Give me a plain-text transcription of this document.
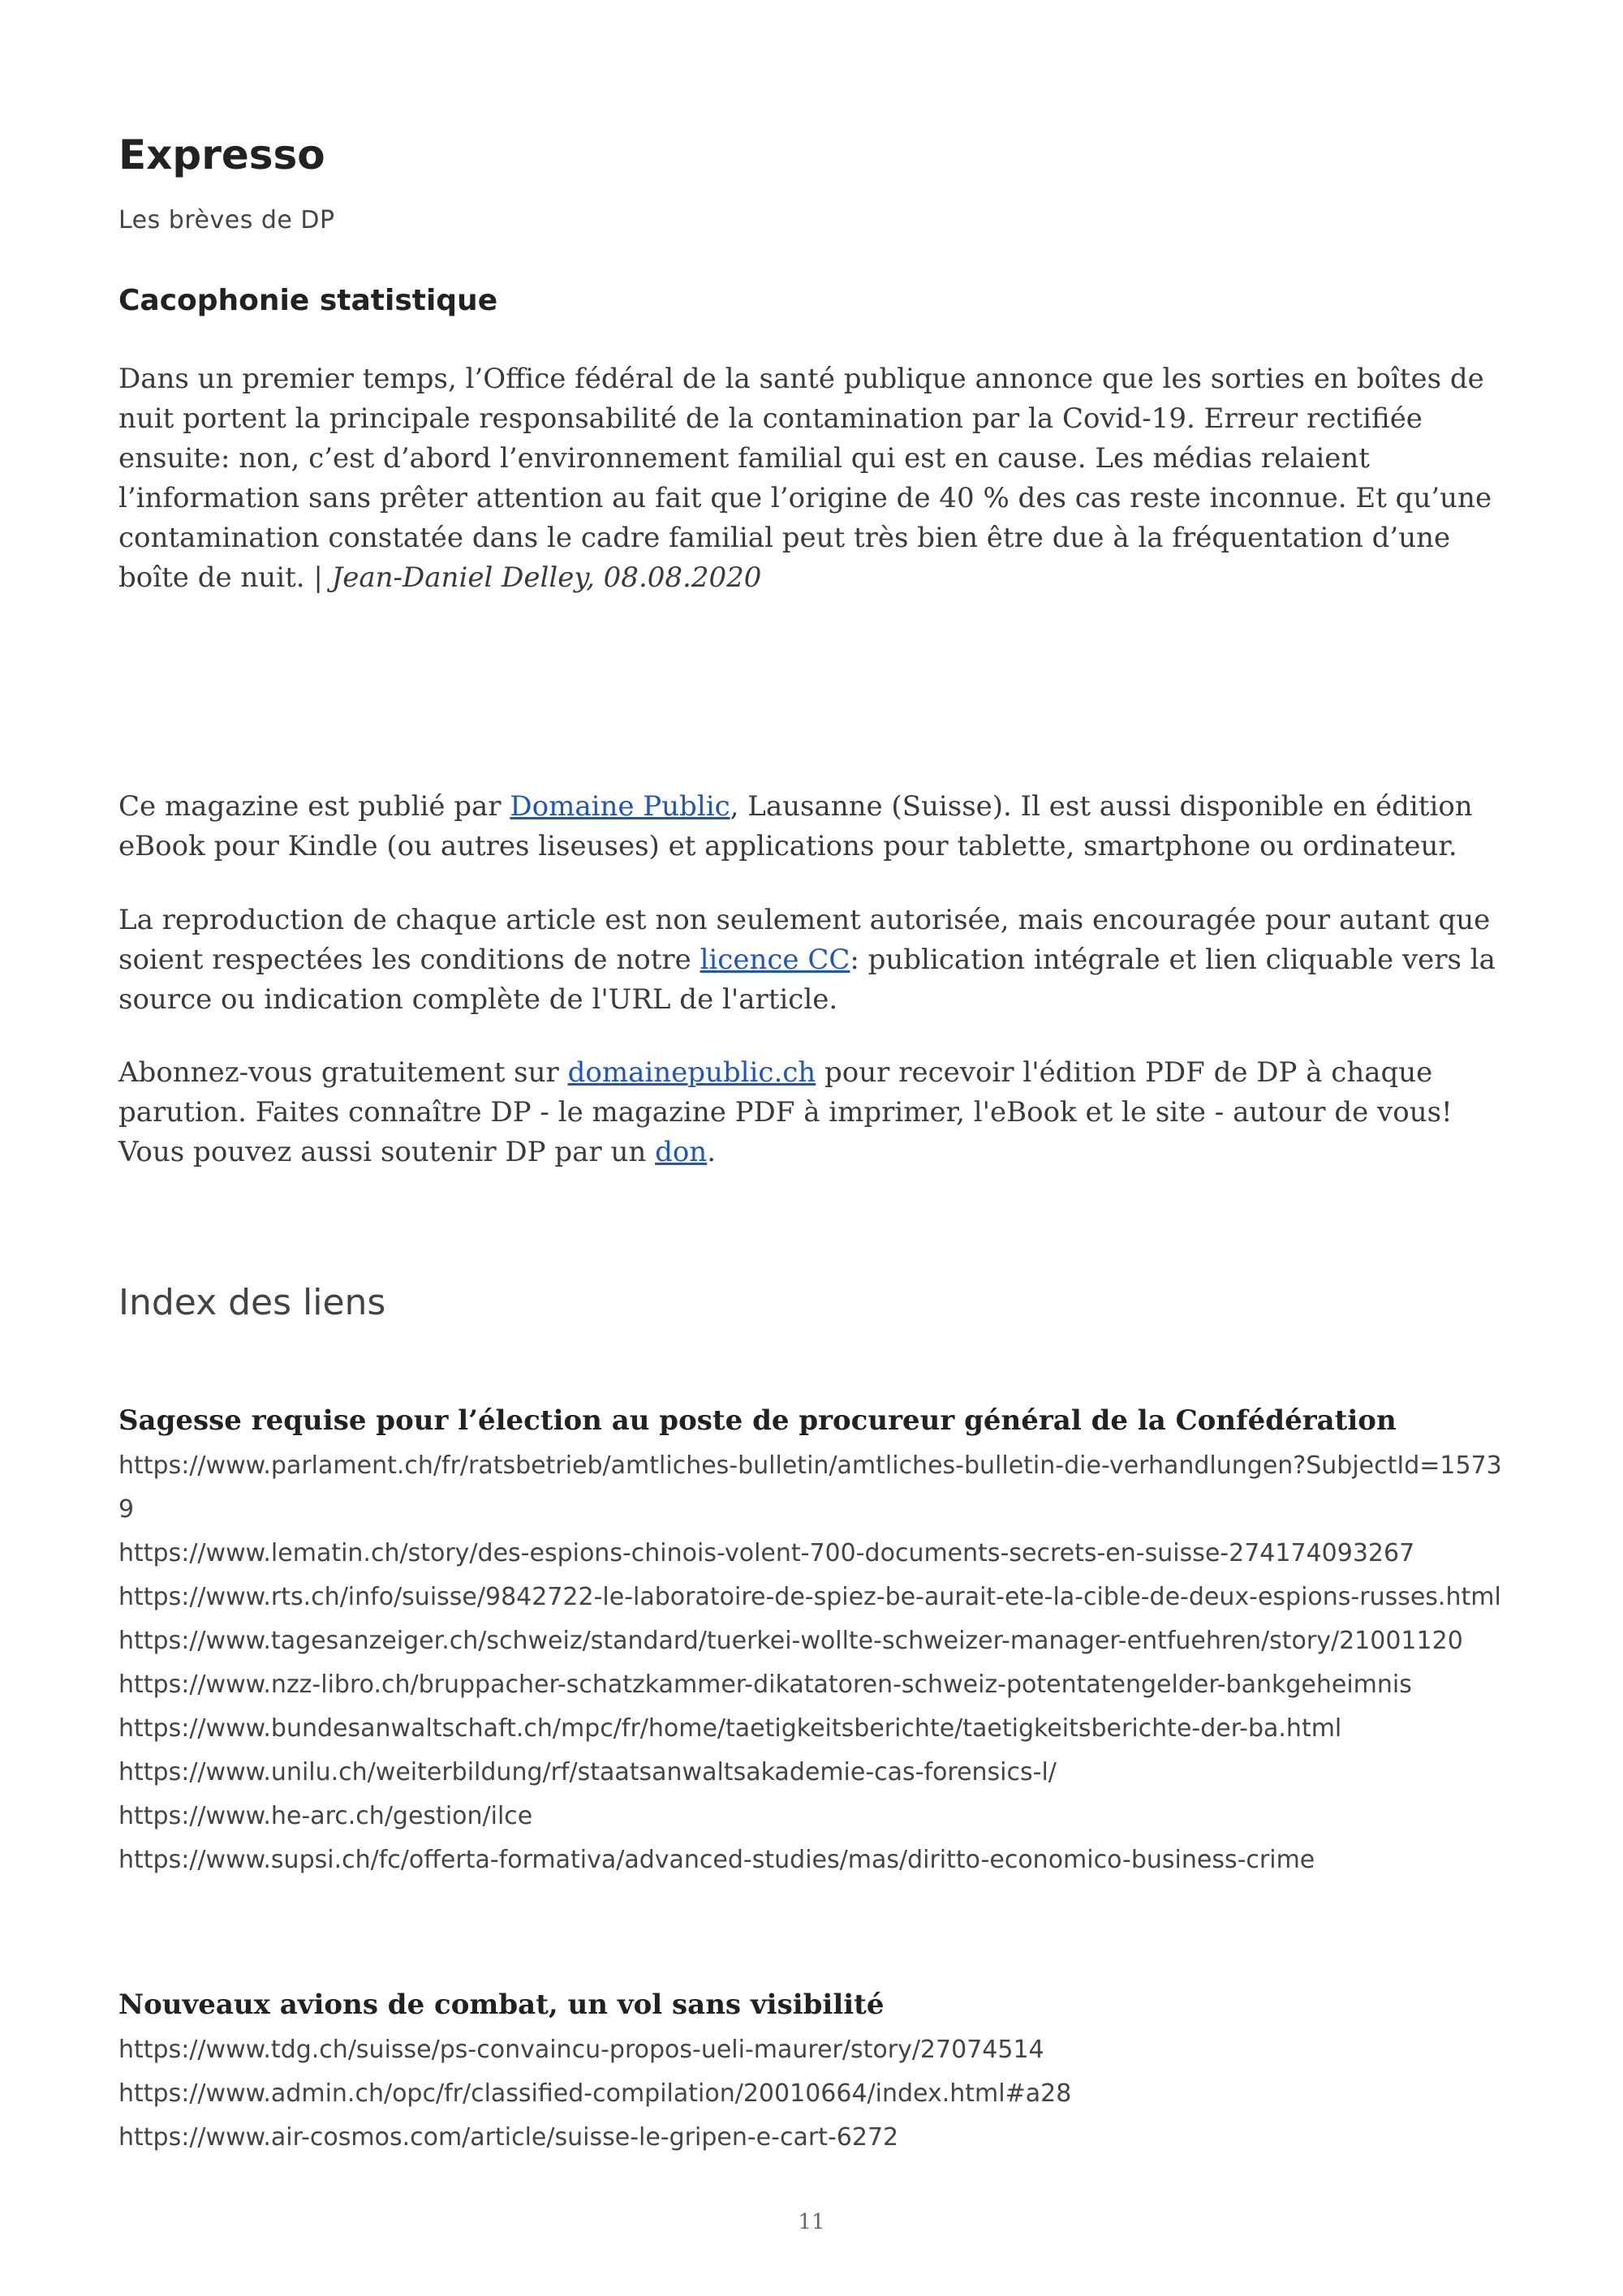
Expresso
Les brèves de DP
Cacophonie statistique

Dans un premier temps, l’Office fédéral de la santé publique annonce que les sorties en boîtes de nuit portent la principale responsabilité de la contamination par la Covid-19. Erreur rectifiée ensuite: non, c’est d’abord l’environnement familial qui est en cause. Les médias relaient l’information sans prêter attention au fait que l’origine de 40 % des cas reste inconnue. Et qu’une contamination constatée dans le cadre familial peut très bien être due à la fréquentation d’une boîte de nuit. | Jean-Daniel Delley, 08.08.2020

Ce magazine est publié par Domaine Public, Lausanne (Suisse). Il est aussi disponible en édition eBook pour Kindle (ou autres liseuses) et applications pour tablette, smartphone ou ordinateur.

La reproduction de chaque article est non seulement autorisée, mais encouragée pour autant que soient respectées les conditions de notre licence CC: publication intégrale et lien cliquable vers la source ou indication complète de l'URL de l'article.

Abonnez-vous gratuitement sur domainepublic.ch pour recevoir l'édition PDF de DP à chaque parution. Faites connaître DP - le magazine PDF à imprimer, l'eBook et le site - autour de vous! Vous pouvez aussi soutenir DP par un don.

Index des liens
Sagesse requise pour l’élection au poste de procureur général de la Confédération
https://www.parlament.ch/fr/ratsbetrieb/amtliches-bulletin/amtliches-bulletin-die-verhandlungen?SubjectId=15739
https://www.lematin.ch/story/des-espions-chinois-volent-700-documents-secrets-en-suisse-274174093267
https://www.rts.ch/info/suisse/9842722-le-laboratoire-de-spiez-be-aurait-ete-la-cible-de-deux-espions-russes.html
https://www.tagesanzeiger.ch/schweiz/standard/tuerkei-wollte-schweizer-manager-entfuehren/story/21001120
https://www.nzz-libro.ch/bruppacher-schatzkammer-dikatatoren-schweiz-potentatengelder-bankgeheimnis
https://www.bundesanwaltschaft.ch/mpc/fr/home/taetigkeitsberichte/taetigkeitsberichte-der-ba.html
https://www.unilu.ch/weiterbildung/rf/staatsanwaltsakademie-cas-forensics-l/
https://www.he-arc.ch/gestion/ilce
https://www.supsi.ch/fc/offerta-formativa/advanced-studies/mas/diritto-economico-business-crime
Nouveaux avions de combat, un vol sans visibilité
https://www.tdg.ch/suisse/ps-convaincu-propos-ueli-maurer/story/27074514
https://www.admin.ch/opc/fr/classified-compilation/20010664/index.html#a28
https://www.air-cosmos.com/article/suisse-le-gripen-e-cart-6272
11
